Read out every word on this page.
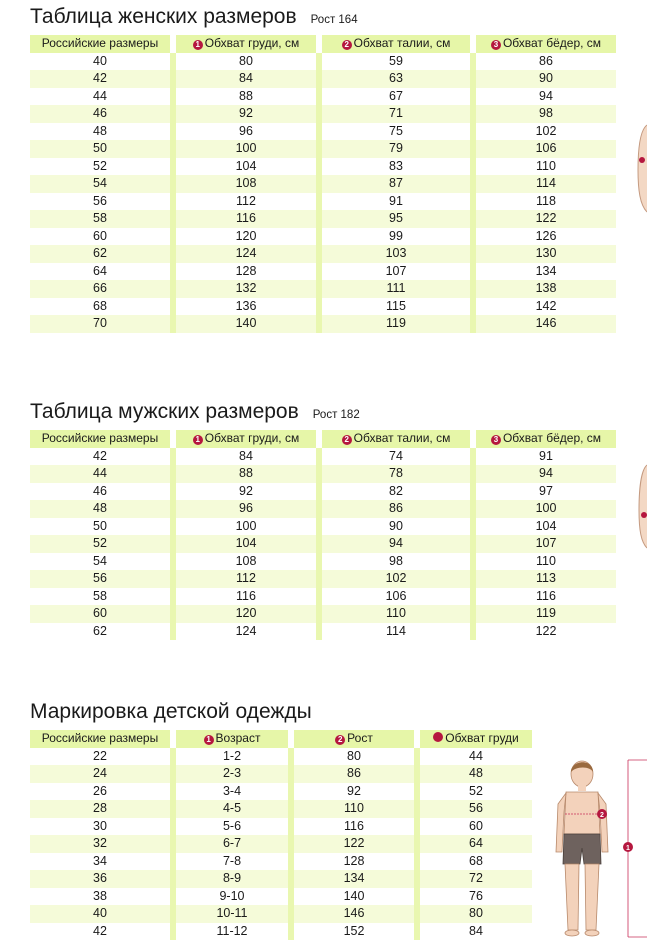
Таблица женских размеров Рост 164
Российские размеры		1 Обхват груди, см		2 Обхват талии, см		3 Обхват бёдер, см
40		80		59		86
42		84		63		90
44		88		67		94
46		92		71		98
48		96		75		102
50		100		79		106
52		104		83		110
54		108		87		114
56		112		91		118
58		116		95		122
60		120		99		126
62		124		103		130
64		128		107		134
66		132		111		138
68		136		115		142
70		140		119		146
Таблица мужских размеров Рост 182
Российские размеры		1 Обхват груди, см		2 Обхват талии, см		3 Обхват бёдер, см
42		84		74		91
44		88		78		94
46		92		82		97
48		96		86		100
50		100		90		104
52		104		94		107
54		108		98		110
56		112		102		113
58		116		106		116
60		120		110		119
62		124		114		122
Маркировка детской одежды
Российские размеры		1 Возраст		2 Рост		Обхват груди
22		1-2		80		44
24		2-3		86		48
26		3-4		92		52
28		4-5		110		56
30		5-6		116		60
32		6-7		122		64
34		7-8		128		68
36		8-9		134		72
38		9-10		140		76
40		10-11		146		80
42		11-12		152		84
2
1
